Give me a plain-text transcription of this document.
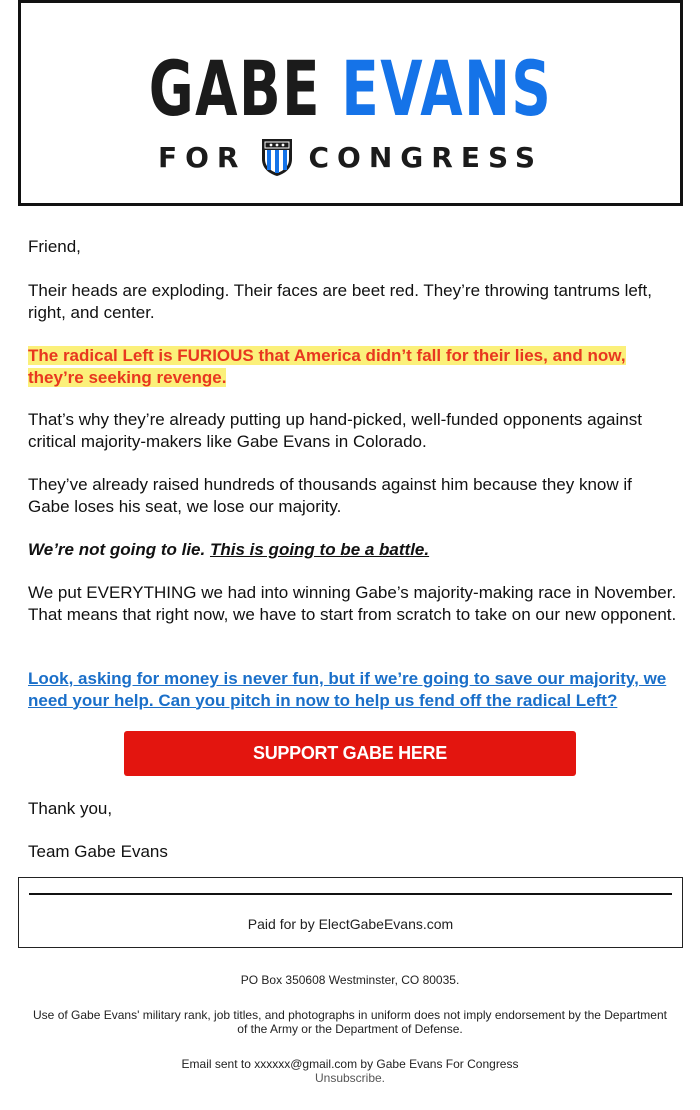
GABE EVANS
FOR CONGRESS

Friend,

Their heads are exploding. Their faces are beet red. They’re throwing tantrums left, right, and center.

The radical Left is FURIOUS that America didn’t fall for their lies, and now, they’re seeking revenge.

That’s why they’re already putting up hand-picked, well-funded opponents against critical majority-makers like Gabe Evans in Colorado.

They’ve already raised hundreds of thousands against him because they know if Gabe loses his seat, we lose our majority.

We’re not going to lie. This is going to be a battle.

We put EVERYTHING we had into winning Gabe’s majority-making race in November. That means that right now, we have to start from scratch to take on our new opponent.

Look, asking for money is never fun, but if we’re going to save our majority, we need your help. Can you pitch in now to help us fend off the radical Left?

SUPPORT GABE HERE

Thank you,

Team Gabe Evans

Paid for by ElectGabeEvans.com

PO Box 350608 Westminster, CO 80035.

Use of Gabe Evans' military rank, job titles, and photographs in uniform does not imply endorsement by the Department of the Army or the Department of Defense.

Email sent to xxxxxx@gmail.com by Gabe Evans For Congress

Unsubscribe.
